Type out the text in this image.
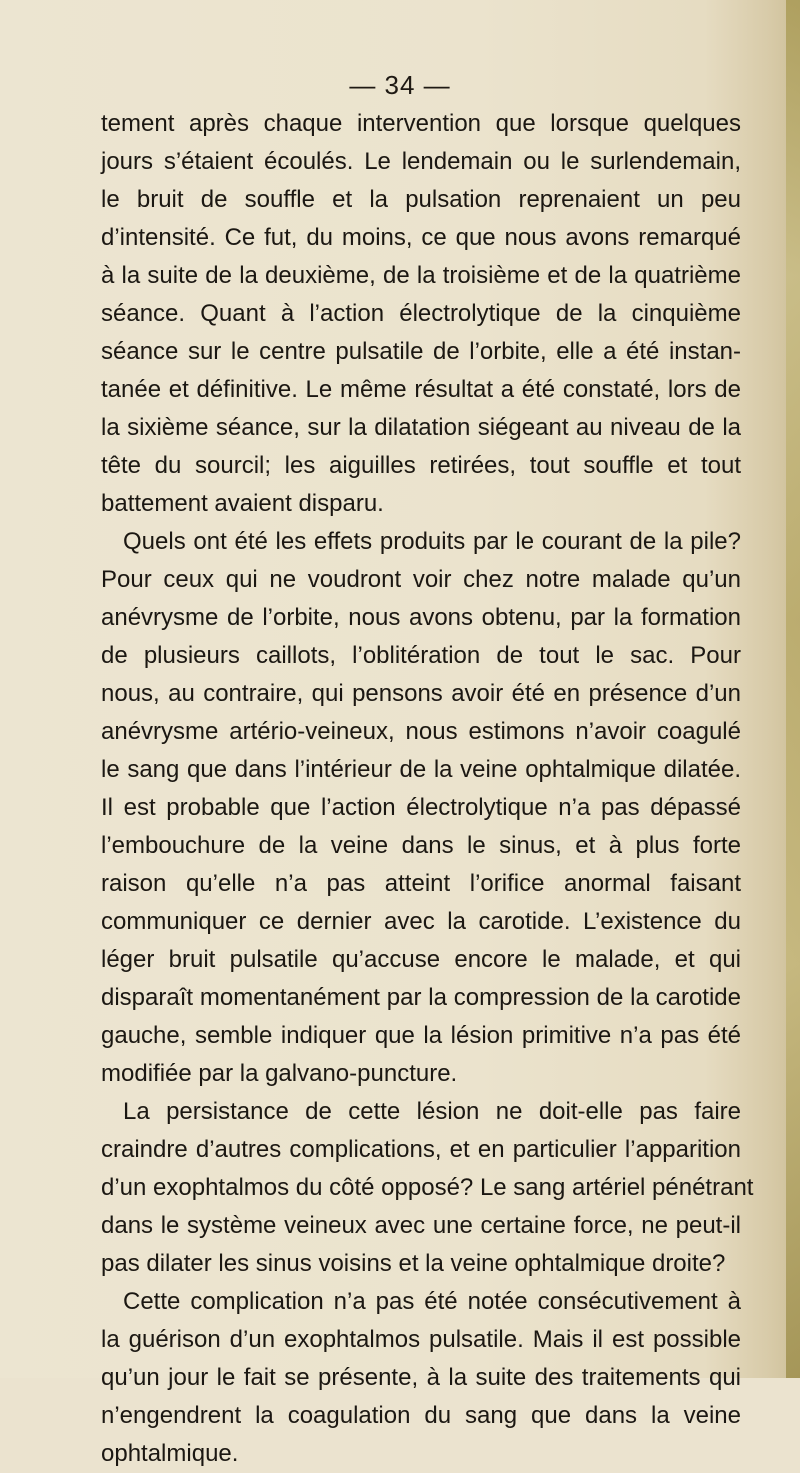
— 34 —
tement après chaque intervention que lorsque quelques
jours s’étaient écoulés. Le lendemain ou le surlendemain,
le bruit de souffle et la pulsation reprenaient un peu
d’intensité. Ce fut, du moins, ce que nous avons remarqué
à la suite de la deuxième, de la troisième et de la quatrième
séance. Quant à l’action électrolytique de la cinquième
séance sur le centre pulsatile de l’orbite, elle a été instan-
tanée et définitive. Le même résultat a été constaté, lors de
la sixième séance, sur la dilatation siégeant au niveau de la
tête du sourcil; les aiguilles retirées, tout souffle et tout
battement avaient disparu.
Quels ont été les effets produits par le courant de la pile?
Pour ceux qui ne voudront voir chez notre malade qu’un
anévrysme de l’orbite, nous avons obtenu, par la formation
de plusieurs caillots, l’oblitération de tout le sac. Pour
nous, au contraire, qui pensons avoir été en présence d’un
anévrysme artério-veineux, nous estimons n’avoir coagulé
le sang que dans l’intérieur de la veine ophtalmique dilatée.
Il est probable que l’action électrolytique n’a pas dépassé
l’embouchure de la veine dans le sinus, et à plus forte
raison qu’elle n’a pas atteint l’orifice anormal faisant
communiquer ce dernier avec la carotide. L’existence du
léger bruit pulsatile qu’accuse encore le malade, et qui
disparaît momentanément par la compression de la carotide
gauche, semble indiquer que la lésion primitive n’a pas été
modifiée par la galvano-puncture.
La persistance de cette lésion ne doit-elle pas faire
craindre d’autres complications, et en particulier l’apparition
d’un exophtalmos du côté opposé? Le sang artériel pénétrant
dans le système veineux avec une certaine force, ne peut-il
pas dilater les sinus voisins et la veine ophtalmique droite?
Cette complication n’a pas été notée consécutivement à
la guérison d’un exophtalmos pulsatile. Mais il est possible
qu’un jour le fait se présente, à la suite des traitements qui
n’engendrent la coagulation du sang que dans la veine
ophtalmique.
